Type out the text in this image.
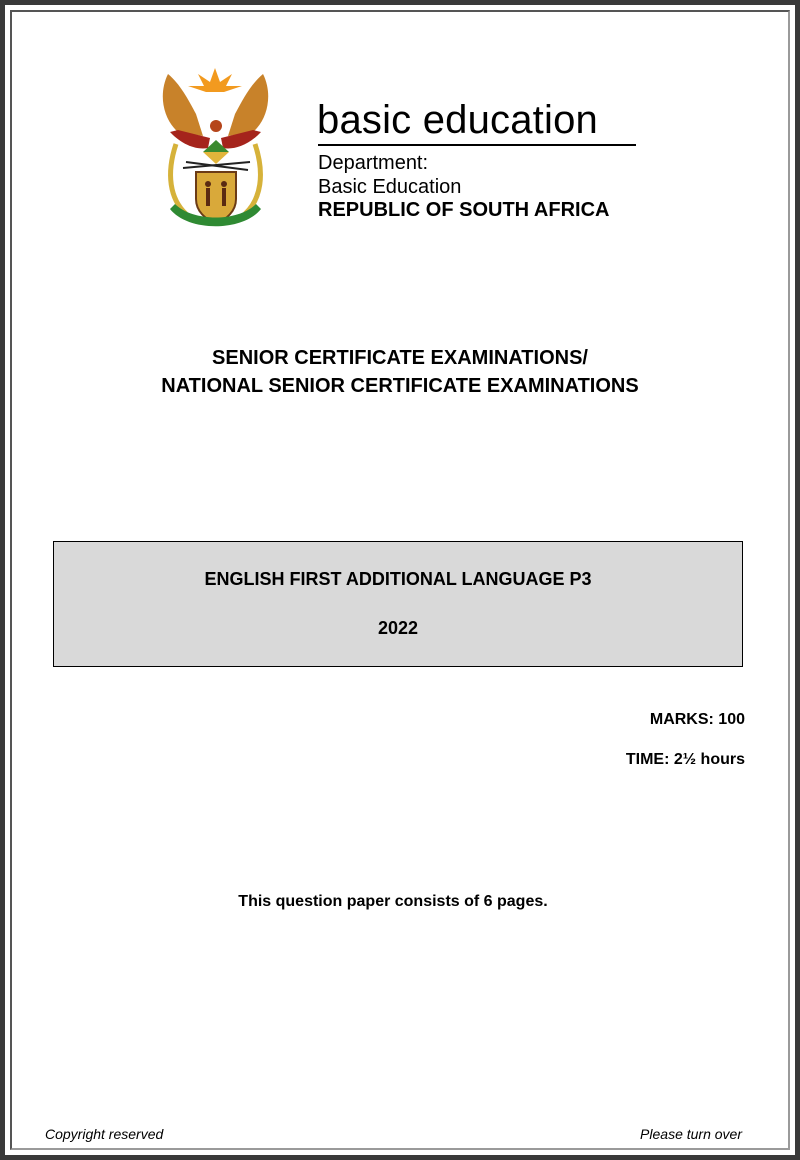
basic education
Department:
Basic Education
REPUBLIC OF SOUTH AFRICA
SENIOR CERTIFICATE EXAMINATIONS/
NATIONAL SENIOR CERTIFICATE EXAMINATIONS
ENGLISH FIRST ADDITIONAL LANGUAGE P3
2022
MARKS: 100
TIME: 2½ hours
This question paper consists of 6 pages.
Copyright reserved	Please turn over
